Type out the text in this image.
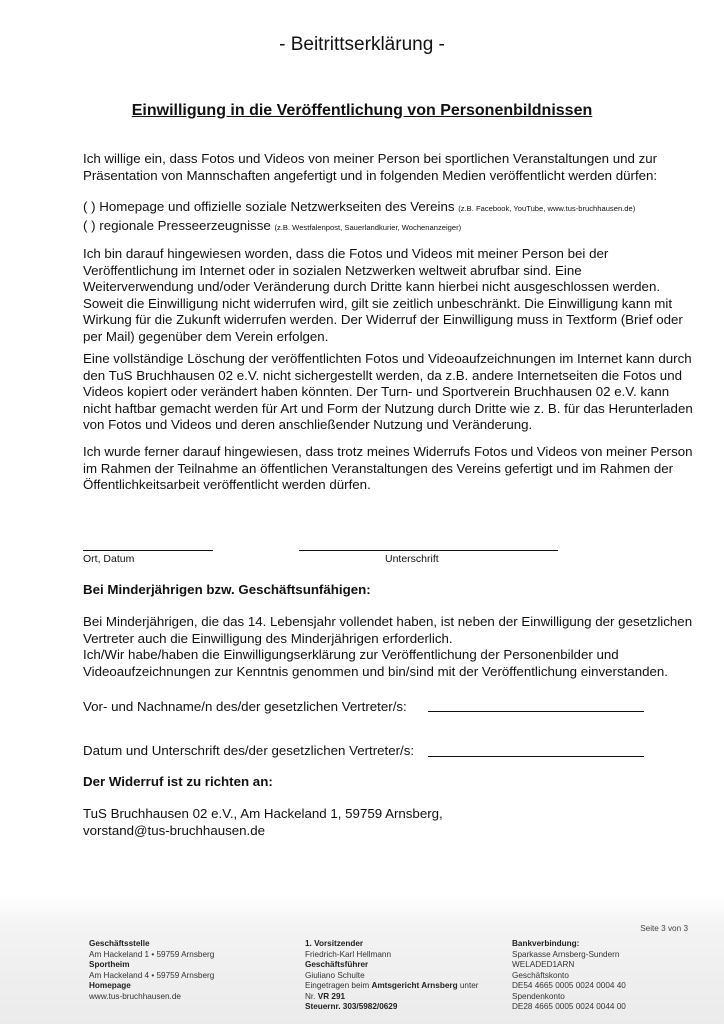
- Beitrittserklärung -
Einwilligung in die Veröffentlichung von Personenbildnissen
Ich willige ein, dass Fotos und Videos von meiner Person bei sportlichen Veranstaltungen und zur Präsentation von Mannschaften angefertigt und in folgenden Medien veröffentlicht werden dürfen:
( ) Homepage und offizielle soziale Netzwerkseiten des Vereins (z.B. Facebook, YouTube, www.tus-bruchhausen.de)
( ) regionale Presseerzeugnisse (z.B. Westfalenpost, Sauerlandkurier, Wochenanzeiger)
Ich bin darauf hingewiesen worden, dass die Fotos und Videos mit meiner Person bei der Veröffentlichung im Internet oder in sozialen Netzwerken weltweit abrufbar sind. Eine Weiterverwendung und/oder Veränderung durch Dritte kann hierbei nicht ausgeschlossen werden. Soweit die Einwilligung nicht widerrufen wird, gilt sie zeitlich unbeschränkt. Die Einwilligung kann mit Wirkung für die Zukunft widerrufen werden. Der Widerruf der Einwilligung muss in Textform (Brief oder per Mail) gegenüber dem Verein erfolgen.
Eine vollständige Löschung der veröffentlichten Fotos und Videoaufzeichnungen im Internet kann durch den TuS Bruchhausen 02 e.V. nicht sichergestellt werden, da z.B. andere Internetseiten die Fotos und Videos kopiert oder verändert haben könnten. Der Turn- und Sportverein Bruchhausen 02 e.V. kann nicht haftbar gemacht werden für Art und Form der Nutzung durch Dritte wie z. B. für das Herunterladen von Fotos und Videos und deren anschließender Nutzung und Veränderung.
Ich wurde ferner darauf hingewiesen, dass trotz meines Widerrufs Fotos und Videos von meiner Person im Rahmen der Teilnahme an öffentlichen Veranstaltungen des Vereins gefertigt und im Rahmen der Öffentlichkeitsarbeit veröffentlicht werden dürfen.
Ort, Datum	Unterschrift
Bei Minderjährigen bzw. Geschäftsunfähigen:
Bei Minderjährigen, die das 14. Lebensjahr vollendet haben, ist neben der Einwilligung der gesetzlichen Vertreter auch die Einwilligung des Minderjährigen erforderlich.
Ich/Wir habe/haben die Einwilligungserklärung zur Veröffentlichung der Personenbilder und Videoaufzeichnungen zur Kenntnis genommen und bin/sind mit der Veröffentlichung einverstanden.
Vor- und Nachname/n des/der gesetzlichen Vertreter/s:
Datum und Unterschrift des/der gesetzlichen Vertreter/s:
Der Widerruf ist zu richten an:
TuS Bruchhausen 02 e.V., Am Hackeland 1, 59759 Arnsberg,
vorstand@tus-bruchhausen.de
Seite 3 von 3
Geschäftsstelle
Am Hackeland 1 • 59759 Arnsberg
Sportheim
Am Hackeland 4 • 59759 Arnsberg
Homepage
www.tus-bruchhausen.de
1. Vorsitzender
Friedrich-Karl Hellmann
Geschäftsführer
Giuliano Schulte
Eingetragen beim Amtsgericht Arnsberg unter
Nr. VR 291
Steuernr. 303/5982/0629
Bankverbindung:
Sparkasse Arnsberg-Sundern
WELADED1ARN
Geschäftskonto
DE54 4665 0005 0024 0004 40
Spendenkonto
DE28 4665 0005 0024 0044 00
